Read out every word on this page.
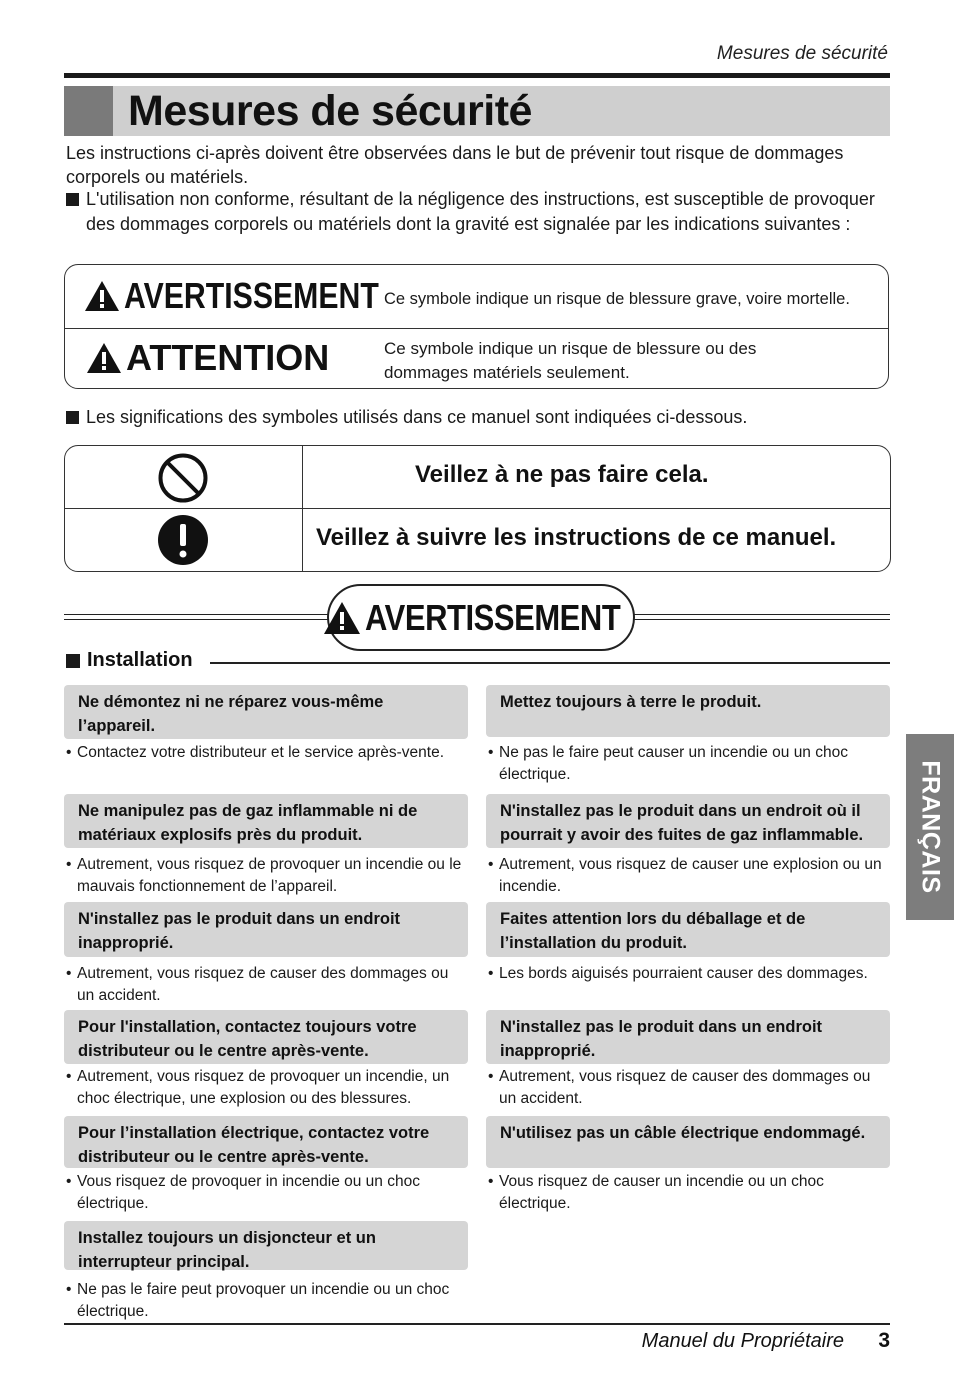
Mesures de sécurité
Mesures de sécurité
Les instructions ci-après doivent être observées dans le but de prévenir tout risque de dommages corporels ou matériels.
L'utilisation non conforme, résultant de la négligence des instructions, est susceptible de provoquer des dommages corporels ou matériels dont la gravité est signalée par les indications suivantes :
AVERTISSEMENT Ce symbole indique un risque de blessure grave, voire mortelle.
ATTENTION	Ce symbole indique un risque de blessure ou des dommages matériels seulement.
Les significations des symboles utilisés dans ce manuel sont indiquées ci-dessous.
Veillez à ne pas faire cela.
Veillez à suivre les instructions de ce manuel.
AVERTISSEMENT
Installation
Ne démontez ni ne réparez vous-même l’appareil.
• Contactez votre distributeur et le service après-vente.
Ne manipulez pas de gaz inflammable ni de matériaux explosifs près du produit.
• Autrement, vous risquez de provoquer un incendie ou le mauvais fonctionnement de l’appareil.
N'installez pas le produit dans un endroit inapproprié.
• Autrement, vous risquez de causer des dommages ou un accident.
Pour l'installation, contactez toujours votre distributeur ou le centre après-vente.
• Autrement, vous risquez de provoquer un incendie, un choc électrique, une explosion ou des blessures.
Pour l’installation électrique, contactez votre distributeur ou le centre après-vente.
• Vous risquez de provoquer in incendie ou un choc électrique.
Installez toujours un disjoncteur et un interrupteur principal.
• Ne pas le faire peut provoquer un incendie ou un choc électrique.
Mettez toujours à terre le produit.
• Ne pas le faire peut causer un incendie ou un choc électrique.
N'installez pas le produit dans un endroit où il pourrait y avoir des fuites de gaz inflammable.
• Autrement, vous risquez de causer une explosion ou un incendie.
Faites attention lors du déballage et de l’installation du produit.
• Les bords aiguisés pourraient causer des dommages.
N'installez pas le produit dans un endroit inapproprié.
• Autrement, vous risquez de causer des dommages ou un accident.
N'utilisez pas un câble électrique endommagé.
• Vous risquez de causer un incendie ou un choc électrique.
FRANÇAIS
Manuel du Propriétaire 3
